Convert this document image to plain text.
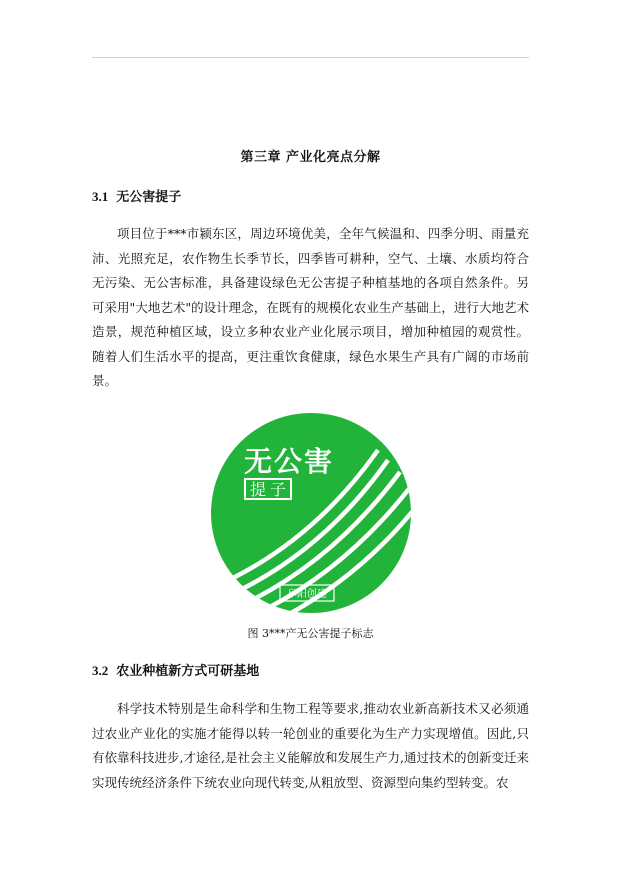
第三章 产业化亮点分解
3.1 无公害提子

项目位于***市颍东区，周边环境优美，全年气候温和、四季分明、雨量充沛、光照充足，农作物生长季节长，四季皆可耕种，空气、土壤、水质均符合无污染、无公害标准，具备建设绿色无公害提子种植基地的各项自然条件。另可采用"大地艺术"的设计理念，在既有的规模化农业生产基础上，进行大地艺术造景，规范种植区域，设立多种农业产业化展示项目，增加种植园的观赏性。随着人们生活水平的提高，更注重饮食健康，绿色水果生产具有广阔的市场前景。

无公害
提子
阜阳创建
图 3***产无公害提子标志
3.2 农业种植新方式可研基地

科学技术特别是生命科学和生物工程等要求,推动农业新高新技术又必须通过农业产业化的实施才能得以转一轮创业的重要化为生产力实现增值。因此,只有依靠科技进步,才途径,是社会主义能解放和发展生产力,通过技术的创新变迁来实现传统经济条件下统农业向现代转变,从粗放型、资源型向集约型转变。农
